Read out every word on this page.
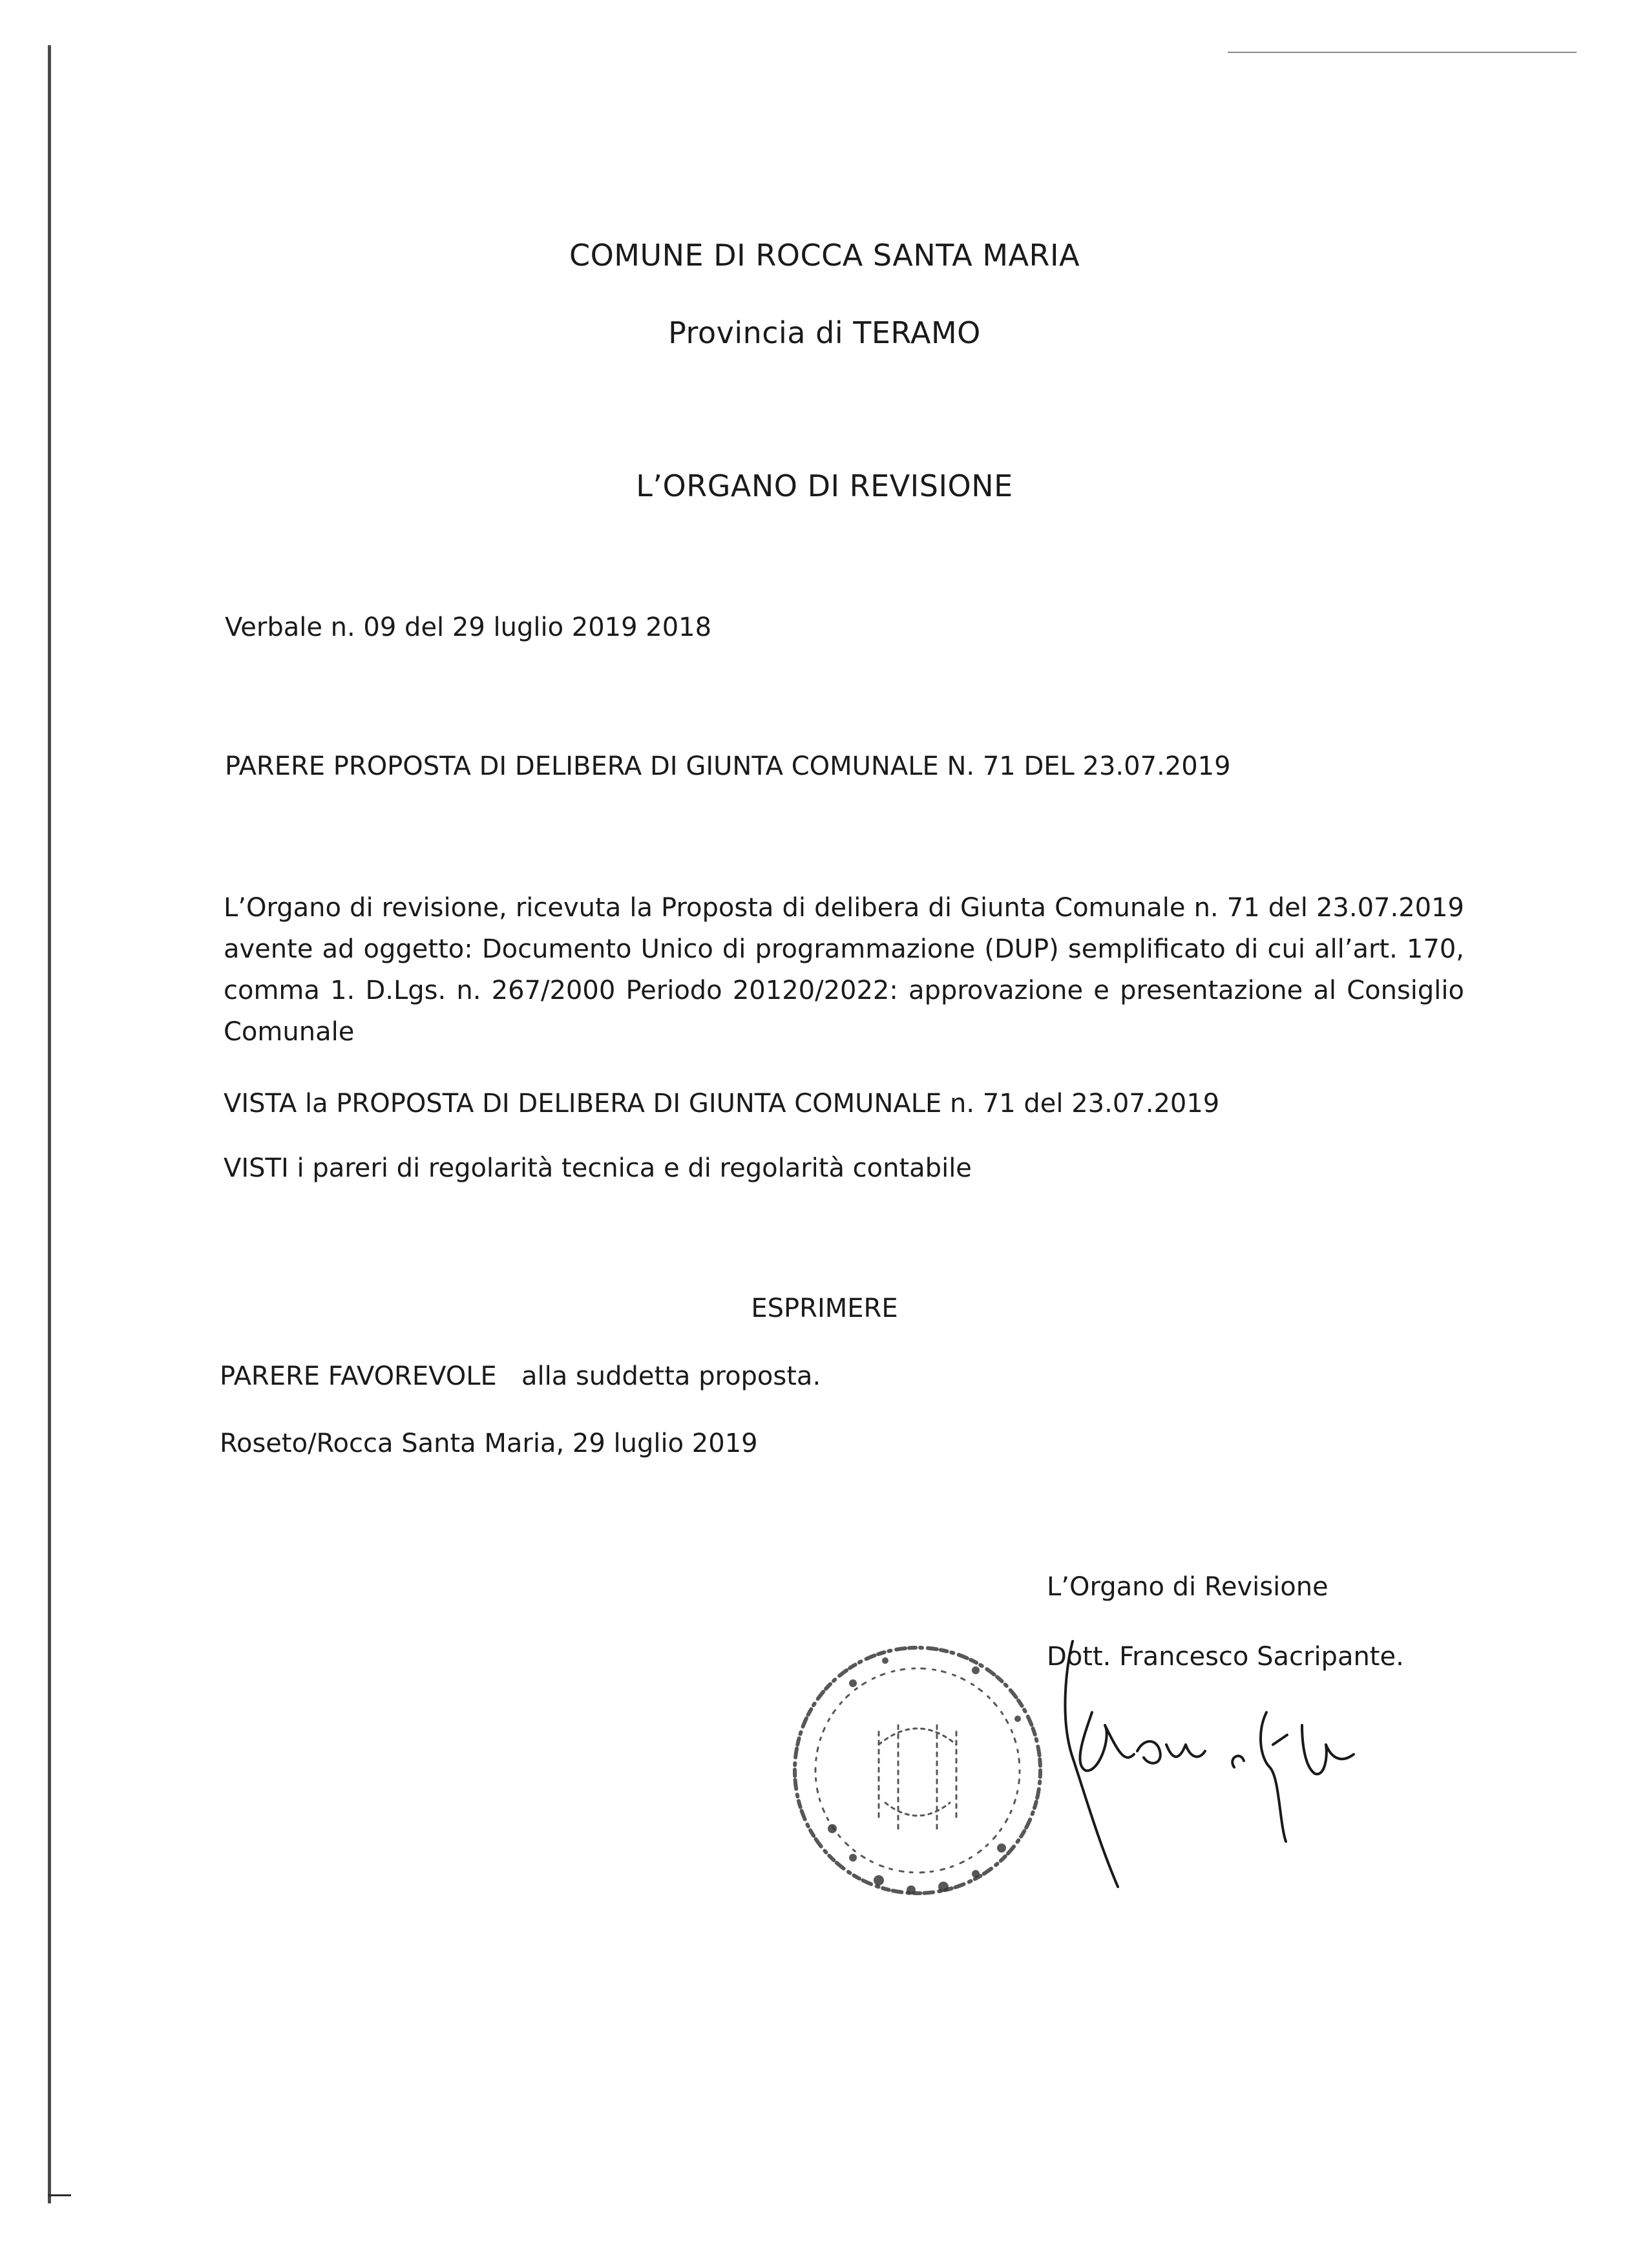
COMUNE DI ROCCA SANTA MARIA
Provincia di TERAMO
L’ORGANO DI REVISIONE
Verbale n. 09 del 29 luglio 2019 2018
PARERE PROPOSTA DI DELIBERA DI GIUNTA COMUNALE N. 71 DEL 23.07.2019
L’Organo di revisione, ricevuta la Proposta di delibera di Giunta Comunale n. 71 del 23.07.2019 avente ad oggetto: Documento Unico di programmazione (DUP) semplificato di cui all’art. 170, comma 1. D.Lgs. n. 267/2000 Periodo 20120/2022: approvazione e presentazione al Consiglio Comunale
VISTA la PROPOSTA DI DELIBERA DI GIUNTA COMUNALE n. 71 del 23.07.2019
VISTI i pareri di regolarità tecnica e di regolarità contabile
ESPRIMERE
PARERE FAVOREVOLE   alla suddetta proposta.
Roseto/Rocca Santa Maria, 29 luglio 2019
L’Organo di Revisione
Dott. Francesco Sacripante.
